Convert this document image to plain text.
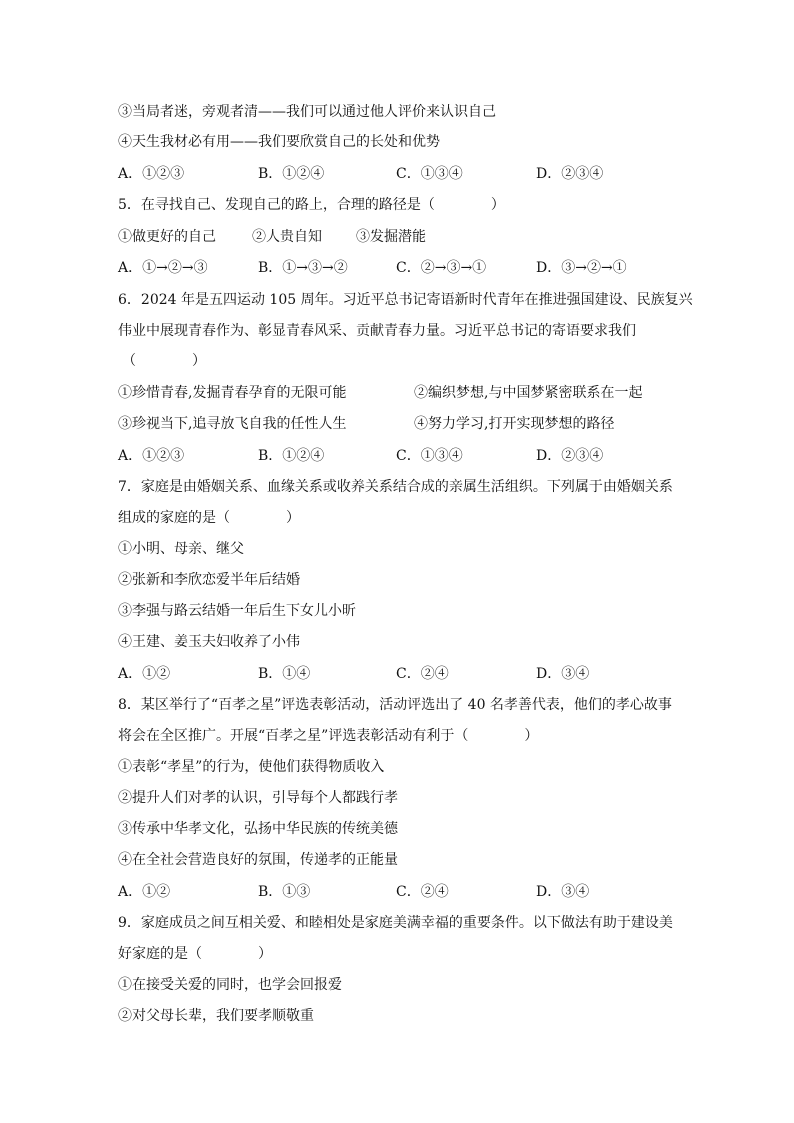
③当局者迷，旁观者清——我们可以通过他人评价来认识自己
④天生我材必有用——我们要欣赏自己的长处和优势
A．①②③	B．①②④	C．①③④	D．②③④
5．在寻找自己、发现自己的路上，合理的路径是（　　　　）
①做更好的自己	②人贵自知 ③发掘潜能
A．①→②→③	B．①→③→②	C．②→③→①	D．③→②→①
6．2024 年是五四运动 105 周年。习近平总书记寄语新时代青年在推进强国建设、民族复兴
伟业中展现青春作为、彰显青春风采、贡献青春力量。习近平总书记的寄语要求我们
（　　　　）
①珍惜青春,发掘青春孕育的无限可能	②编织梦想,与中国梦紧密联系在一起
③珍视当下,追寻放飞自我的任性人生	④努力学习,打开实现梦想的路径
A．①②③	B．①②④	C．①③④	D．②③④
7．家庭是由婚姻关系、血缘关系或收养关系结合成的亲属生活组织。下列属于由婚姻关系
组成的家庭的是（　　　　）
①小明、母亲、继父
②张新和李欣恋爱半年后结婚
③李强与路云结婚一年后生下女儿小昕
④王建、姜玉夫妇收养了小伟
A．①②	B．①④	C．②④	D．③④
8．某区举行了“百孝之星”评选表彰活动，活动评选出了 40 名孝善代表，他们的孝心故事
将会在全区推广。开展“百孝之星”评选表彰活动有利于（　　　　）
①表彰“孝星”的行为，使他们获得物质收入
②提升人们对孝的认识，引导每个人都践行孝
③传承中华孝文化，弘扬中华民族的传统美德
④在全社会营造良好的氛围，传递孝的正能量
A．①②	B．①③	C．②④	D．③④
9．家庭成员之间互相关爱、和睦相处是家庭美满幸福的重要条件。以下做法有助于建设美
好家庭的是（　　　　）
①在接受关爱的同时，也学会回报爱
②对父母长辈，我们要孝顺敬重
